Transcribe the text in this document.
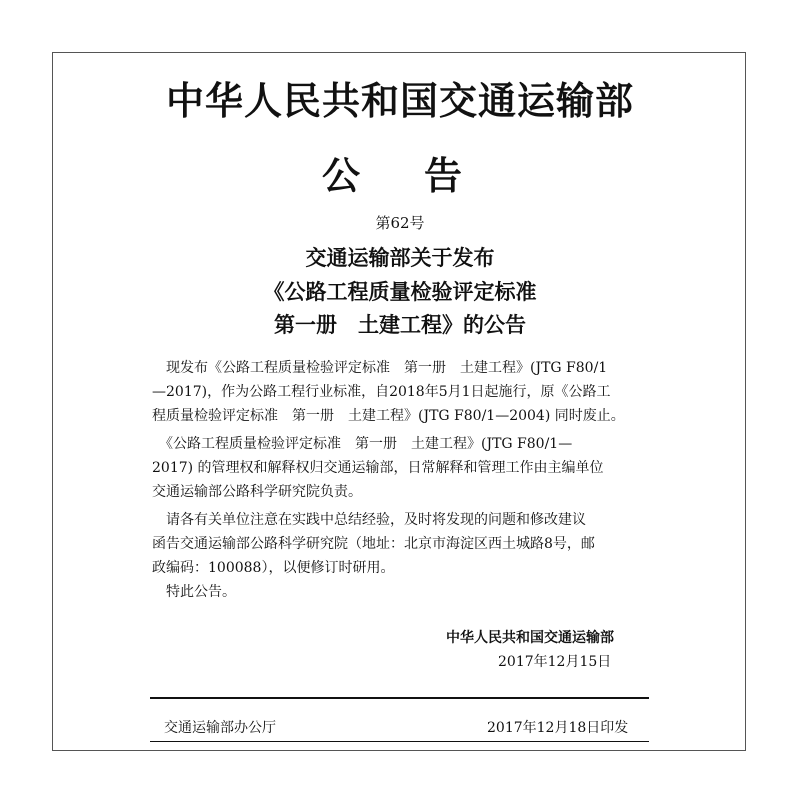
中华人民共和国交通运输部
公 告
第62号
交通运输部关于发布
《公路工程质量检验评定标准
第一册　土建工程》的公告
　现发布《公路工程质量检验评定标准　第一册　土建工程》(JTG F80/1
—2017)，作为公路工程行业标准，自2018年5月1日起施行，原《公路工
程质量检验评定标准　第一册　土建工程》(JTG F80/1—2004) 同时废止。
　《公路工程质量检验评定标准　第一册　土建工程》(JTG F80/1—
2017) 的管理权和解释权归交通运输部，日常解释和管理工作由主编单位
交通运输部公路科学研究院负责。
　请各有关单位注意在实践中总结经验，及时将发现的问题和修改建议
函告交通运输部公路科学研究院（地址：北京市海淀区西土城路8号，邮
政编码：100088），以便修订时研用。
　特此公告。
中华人民共和国交通运输部
2017年12月15日
交通运输部办公厅	2017年12月18日印发
